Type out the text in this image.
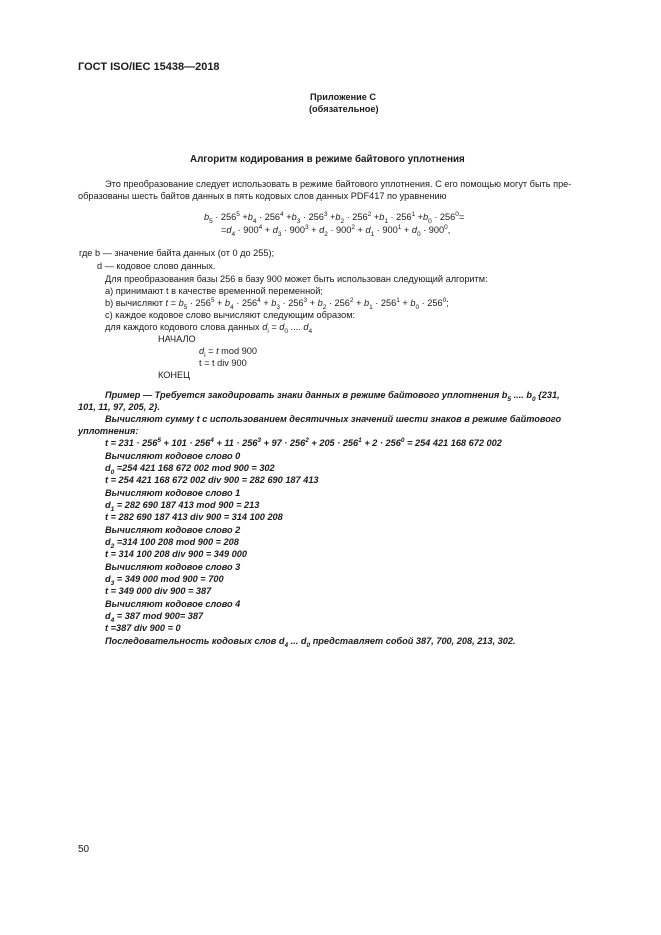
ГОСТ ISO/IEC 15438—2018
Приложение С
(обязательное)
Алгоритм кодирования в режиме байтового уплотнения
Это преобразование следует использовать в режиме байтового уплотнения. С его помощью могут быть пре-
образованы шесть байтов данных в пять кодовых слов данных PDF417 по уравнению
$b_5 \cdot 256^5 +b_4 \cdot 256^4 +b_3 \cdot 256^3 +b_2 \cdot 256^2 +b_1 \cdot 256^1 +b_0 \cdot 256^0=$
$=d_4 \cdot 900^4 + d_3 \cdot 900^3 + d_2 \cdot 900^2 + d_1 \cdot 900^1 + d_0 \cdot 900^0$,
где b — значение байта данных (от 0 до 255);
d — кодовое слово данных.
Для преобразования базы 256 в базу 900 может быть использован следующий алгоритм:
a) принимают t в качестве временной переменной;
b) вычисляют $t = b_5 \cdot 256^5 + b_4 \cdot 256^4 + b_3 \cdot 256^3 + b_2 \cdot 256^2 + b_1 \cdot 256^1 + b_0 \cdot 256^0$;
c) каждое кодовое слово вычисляют следующим образом:
для каждого кодового слова данных $d_i = d_0$ .... $d_4$
НАЧАЛО
$d_i = t$ mod 900
t = t div 900
КОНЕЦ
Пример — Требуется закодировать знаки данных в режиме байтового уплотнения $b_5$ .... $b_0$ {231,
101, 11, 97, 205, 2}.
Вычисляют сумму t с использованием десятичных значений шести знаков в режиме байтового
уплотнения:
$t = 231 \cdot 256^5 + 101 \cdot 256^4 + 11 \cdot 256^3 + 97 \cdot 256^2 + 205 \cdot 256^1 + 2 \cdot 256^0 = 254$ 421 168 672 002
Вычисляют кодовое слово 0
$d_0 =254$ 421 168 672 002 mod 900 = 302
t = 254 421 168 672 002 div 900 = 282 690 187 413
Вычисляют кодовое слово 1
$d_1 = 282$ 690 187 413 mod 900 = 213
t = 282 690 187 413 div 900 = 314 100 208
Вычисляют кодовое слово 2
$d_2 =314$ 100 208 mod 900 = 208
t = 314 100 208 div 900 = 349 000
Вычисляют кодовое слово 3
$d_3 = 349$ 000 mod 900 = 700
t = 349 000 div 900 = 387
Вычисляют кодовое слово 4
$d_4 = 387$ mod 900= 387
t =387 div 900 = 0
Последовательность кодовых слов $d_4$ ... $d_0$ представляет собой 387, 700, 208, 213, 302.
50
